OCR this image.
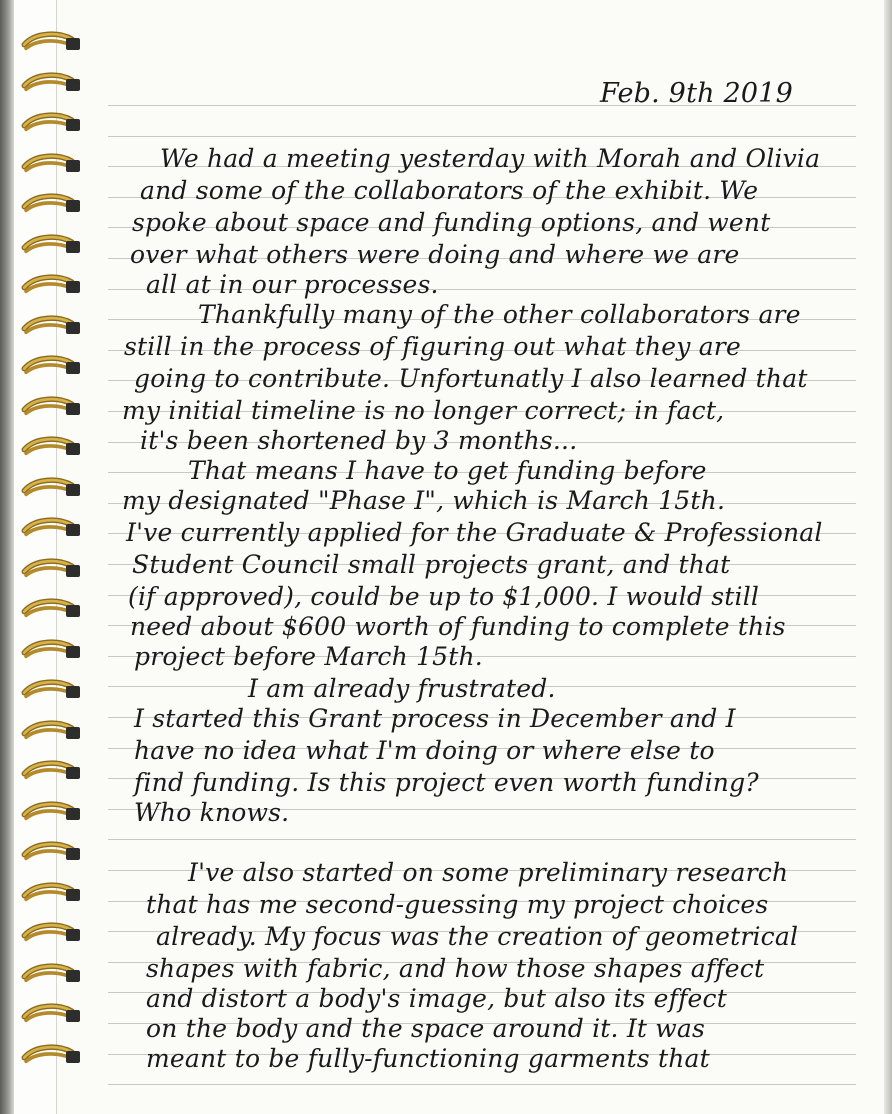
Feb. 9th 2019
We had a meeting yesterday with Morah and Olivia
and some of the collaborators of the exhibit. We
spoke about space and funding options, and went
over what others were doing and where we are
all at in our processes.
Thankfully many of the other collaborators are
still in the process of figuring out what they are
going to contribute. Unfortunatly I also learned that
my initial timeline is no longer correct; in fact,
it's been shortened by 3 months...
That means I have to get funding before
my designated "Phase I", which is March 15th.
I've currently applied for the Graduate & Professional
Student Council small projects grant, and that
(if approved), could be up to $1,000. I would still
need about $600 worth of funding to complete this
project before March 15th.
I am already frustrated.
I started this Grant process in December and I
have no idea what I'm doing or where else to
find funding. Is this project even worth funding?
Who knows.
I've also started on some preliminary research
that has me second-guessing my project choices
already. My focus was the creation of geometrical
shapes with fabric, and how those shapes affect
and distort a body's image, but also its effect
on the body and the space around it. It was
meant to be fully-functioning garments that
